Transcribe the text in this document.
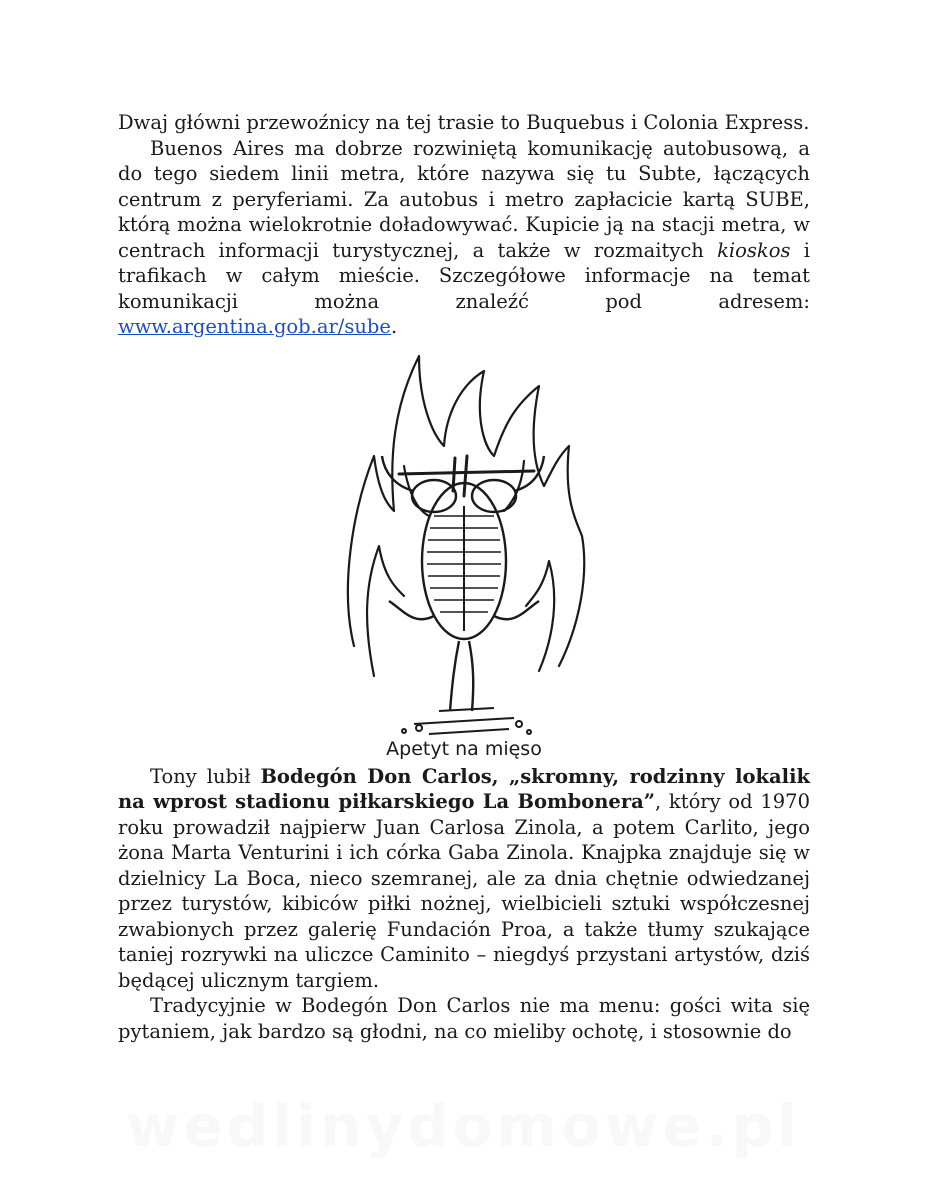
Dwaj główni przewoźnicy na tej trasie to Buquebus i Colonia Express.

Buenos Aires ma dobrze rozwiniętą komunikację autobusową, a do tego siedem linii metra, które nazywa się tu Subte, łączących centrum z peryferiami. Za autobus i metro zapłacicie kartą SUBE, którą można wielokrotnie doładowywać. Kupicie ją na stacji metra, w centrach informacji turystycznej, a także w rozmaitych kioskos i trafikach w całym mieście. Szczegółowe informacje na temat komunikacji można znaleźć pod adresem: www.argentina.gob.ar/sube.

Apetyt na mięso

Tony lubił Bodegón Don Carlos, „skromny, rodzinny lokalik na wprost stadionu piłkarskiego La Bombonera”, który od 1970 roku prowadził najpierw Juan Carlosa Zinola, a potem Carlito, jego żona Marta Venturini i ich córka Gaba Zinola. Knajpka znajduje się w dzielnicy La Boca, nieco szemranej, ale za dnia chętnie odwiedzanej przez turystów, kibiców piłki nożnej, wielbicieli sztuki współczesnej zwabionych przez galerię Fundación Proa, a także tłumy szukające taniej rozrywki na uliczce Caminito – niegdyś przystani artystów, dziś będącej ulicznym targiem.

Tradycyjnie w Bodegón Don Carlos nie ma menu: gości wita się pytaniem, jak bardzo są głodni, na co mieliby ochotę, i stosownie do

wedlinydomowe.pl
